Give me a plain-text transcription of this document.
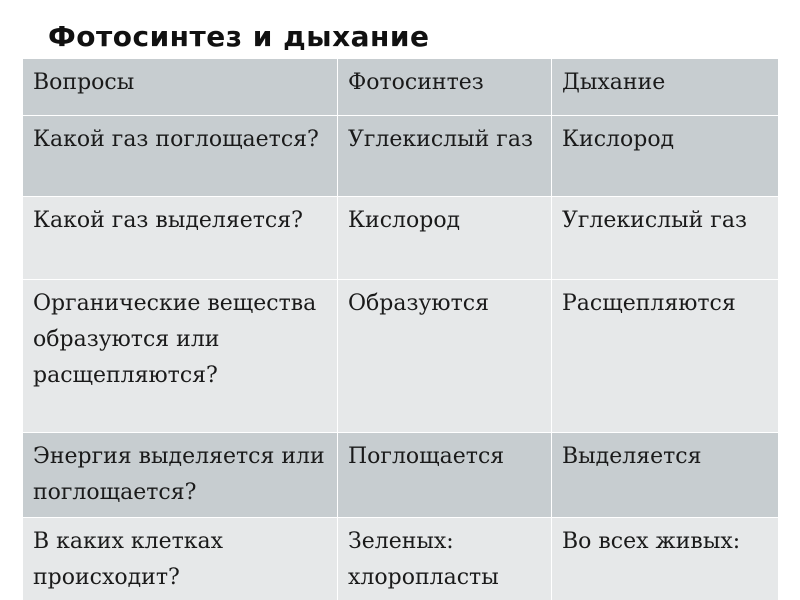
Фотосинтез и дыхание
Вопросы	Фотосинтез	Дыхание
Какой газ поглощается?	Углекислый газ	Кислород
Какой газ выделяется?	Кислород	Углекислый газ
Органические вещества образуются или расщепляются?	Образуются	Расщепляются
Энергия выделяется или поглощается?	Поглощается	Выделяется
В каких клетках происходит?	Зеленых: хлоропласты	Во всех живых:
